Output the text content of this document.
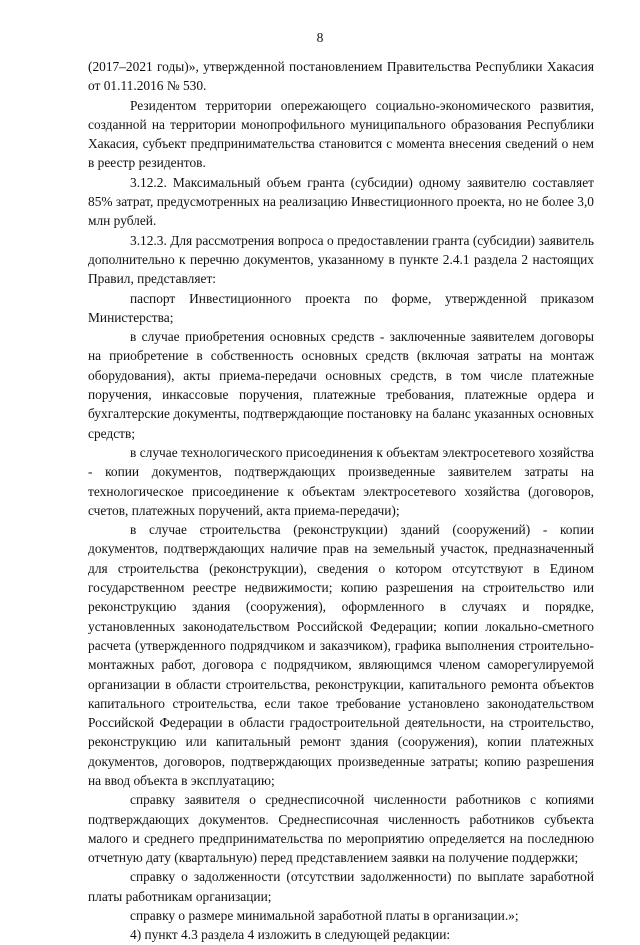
8

(2017–2021 годы)», утвержденной постановлением Правительства Республики Хакасия от 01.11.2016 № 530.

Резидентом территории опережающего социально-экономического развития, созданной на территории монопрофильного муниципального образования Республики Хакасия, субъект предпринимательства становится с момента внесения сведений о нем в реестр резидентов.

3.12.2. Максимальный объем гранта (субсидии) одному заявителю составляет 85% затрат, предусмотренных на реализацию Инвестиционного проекта, но не более 3,0 млн рублей.

3.12.3. Для рассмотрения вопроса о предоставлении гранта (субсидии) заявитель дополнительно к перечню документов, указанному в пункте 2.4.1 раздела 2 настоящих Правил, представляет:

паспорт Инвестиционного проекта по форме, утвержденной приказом Министерства;

в случае приобретения основных средств - заключенные заявителем договоры на приобретение в собственность основных средств (включая затраты на монтаж оборудования), акты приема-передачи основных средств, в том числе платежные поручения, инкассовые поручения, платежные требования, платежные ордера и бухгалтерские документы, подтверждающие постановку на баланс указанных основных средств;

в случае технологического присоединения к объектам электросетевого хозяйства - копии документов, подтверждающих произведенные заявителем затраты на технологическое присоединение к объектам электросетевого хозяйства (договоров, счетов, платежных поручений, акта приема-передачи);

в случае строительства (реконструкции) зданий (сооружений) - копии документов, подтверждающих наличие прав на земельный участок, предназначенный для строительства (реконструкции), сведения о котором отсутствуют в Едином государственном реестре недвижимости; копию разрешения на строительство или реконструкцию здания (сооружения), оформленного в случаях и порядке, установленных законодательством Российской Федерации; копии локально-сметного расчета (утвержденного подрядчиком и заказчиком), графика выполнения строительно-монтажных работ, договора с подрядчиком, являющимся членом саморегулируемой организации в области строительства, реконструкции, капитального ремонта объектов капитального строительства, если такое требование установлено законодательством Российской Федерации в области градостроительной деятельности, на строительство, реконструкцию или капитальный ремонт здания (сооружения), копии платежных документов, договоров, подтверждающих произведенные затраты; копию разрешения на ввод объекта в эксплуатацию;

справку заявителя о среднесписочной численности работников с копиями подтверждающих документов. Среднесписочная численность работников субъекта малого и среднего предпринимательства по мероприятию определяется на последнюю отчетную дату (квартальную) перед представлением заявки на получение поддержки;

справку о задолженности (отсутствии задолженности) по выплате заработной платы работникам организации;

справку о размере минимальной заработной платы в организации.»;

4) пункт 4.3 раздела 4 изложить в следующей редакции:
